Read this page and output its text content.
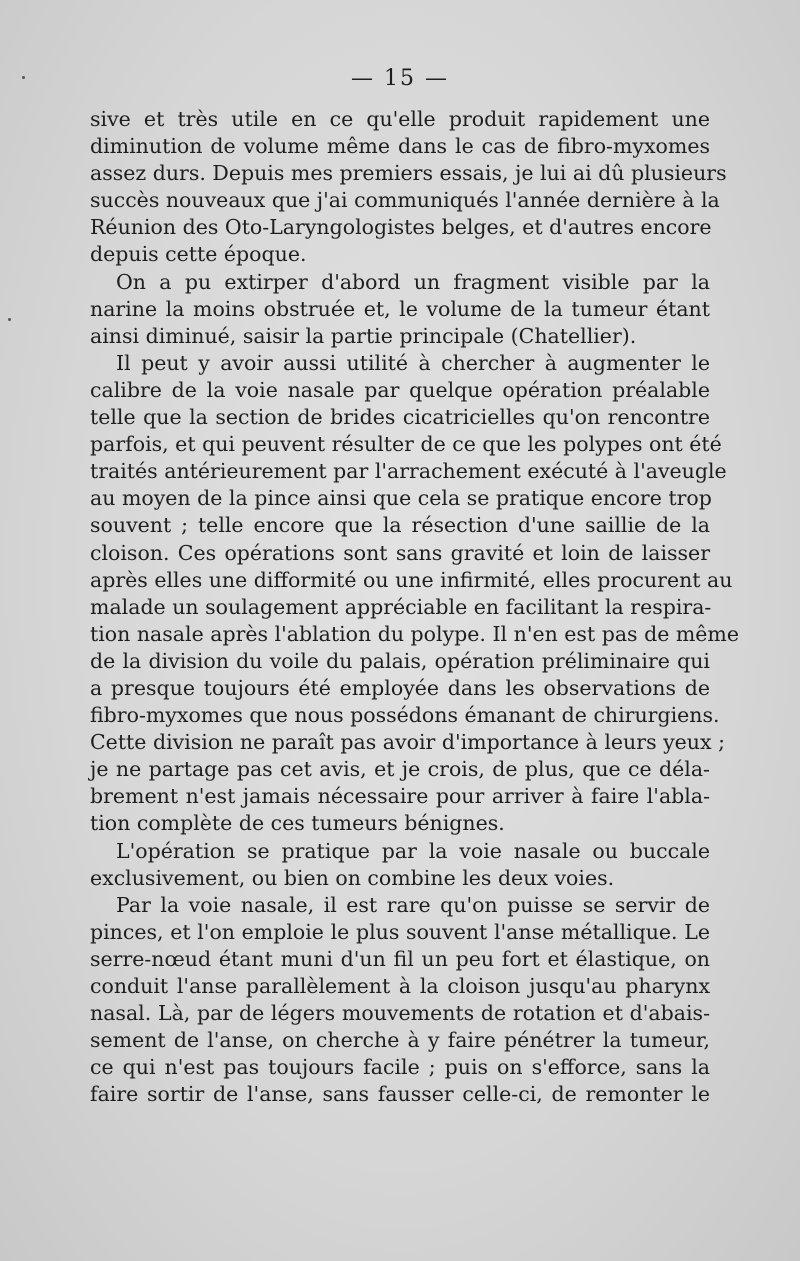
— 15 —
sive et très utile en ce qu'elle produit rapidement une
diminution de volume même dans le cas de fibro-myxomes
assez durs. Depuis mes premiers essais, je lui ai dû plusieurs
succès nouveaux que j'ai communiqués l'année dernière à la
Réunion des Oto-Laryngologistes belges, et d'autres encore
depuis cette époque.
On a pu extirper d'abord un fragment visible par la
narine la moins obstruée et, le volume de la tumeur étant
ainsi diminué, saisir la partie principale (Chatellier).
Il peut y avoir aussi utilité à chercher à augmenter le
calibre de la voie nasale par quelque opération préalable
telle que la section de brides cicatricielles qu'on rencontre
parfois, et qui peuvent résulter de ce que les polypes ont été
traités antérieurement par l'arrachement exécuté à l'aveugle
au moyen de la pince ainsi que cela se pratique encore trop
souvent ; telle encore que la résection d'une saillie de la
cloison. Ces opérations sont sans gravité et loin de laisser
après elles une difformité ou une infirmité, elles procurent au
malade un soulagement appréciable en facilitant la respira-
tion nasale après l'ablation du polype. Il n'en est pas de même
de la division du voile du palais, opération préliminaire qui
a presque toujours été employée dans les observations de
fibro-myxomes que nous possédons émanant de chirurgiens.
Cette division ne paraît pas avoir d'importance à leurs yeux ;
je ne partage pas cet avis, et je crois, de plus, que ce déla-
brement n'est jamais nécessaire pour arriver à faire l'abla-
tion complète de ces tumeurs bénignes.
L'opération se pratique par la voie nasale ou buccale
exclusivement, ou bien on combine les deux voies.
Par la voie nasale, il est rare qu'on puisse se servir de
pinces, et l'on emploie le plus souvent l'anse métallique. Le
serre-nœud étant muni d'un fil un peu fort et élastique, on
conduit l'anse parallèlement à la cloison jusqu'au pharynx
nasal. Là, par de légers mouvements de rotation et d'abais-
sement de l'anse, on cherche à y faire pénétrer la tumeur,
ce qui n'est pas toujours facile ; puis on s'efforce, sans la
faire sortir de l'anse, sans fausser celle-ci, de remonter le
